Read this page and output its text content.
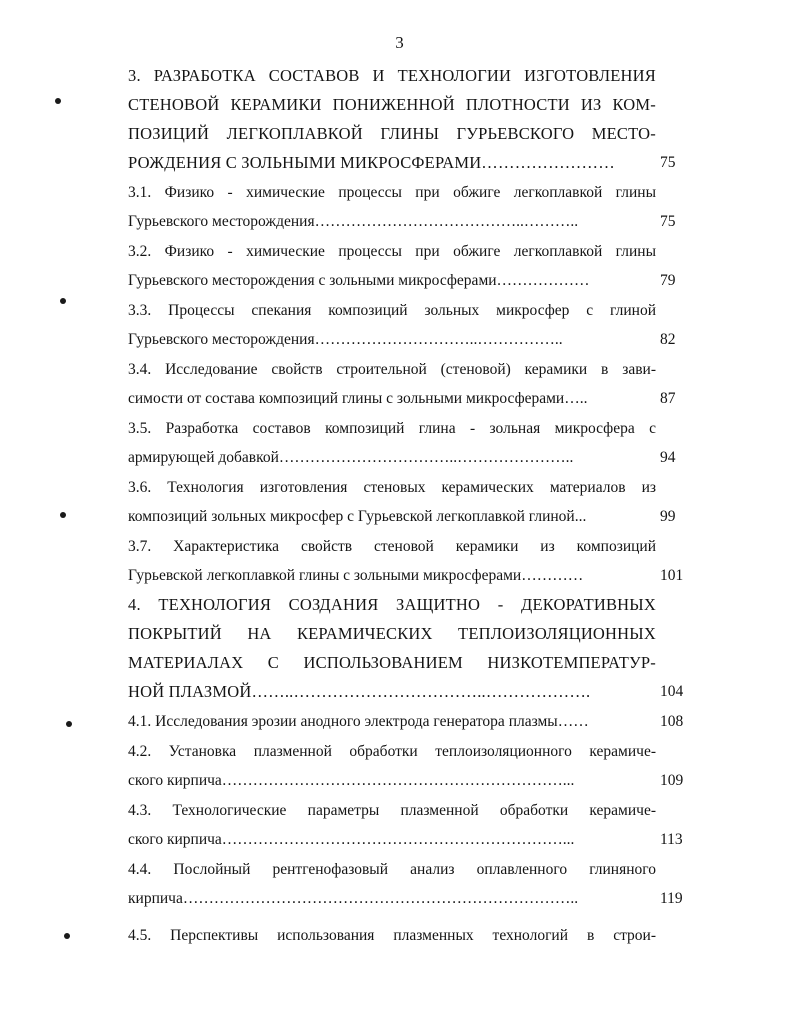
3
3. РАЗРАБОТКА СОСТАВОВ И ТЕХНОЛОГИИ ИЗГОТОВЛЕНИЯ
СТЕНОВОЙ КЕРАМИКИ ПОНИЖЕННОЙ ПЛОТНОСТИ ИЗ КОМ-
ПОЗИЦИЙ ЛЕГКОПЛАВКОЙ ГЛИНЫ ГУРЬЕВСКОГО МЕСТО-
РОЖДЕНИЯ С ЗОЛЬНЫМИ МИКРОСФЕРАМИ……………………	75
3.1. Физико - химические процессы при обжиге легкоплавкой глины
Гурьевского месторождения…………………………………..………..	75
3.2. Физико - химические процессы при обжиге легкоплавкой глины
Гурьевского месторождения с зольными микросферами………………	79
3.3. Процессы спекания композиций зольных микросфер с глиной
Гурьевского месторождения…………………………..……………..	82
3.4. Исследование свойств строительной (стеновой) керамики в зави-
симости от состава композиций глины с зольными микросферами…..	87
3.5. Разработка составов композиций глина - зольная микросфера с
армирующей добавкой……………………………..…………………..	94
3.6. Технология изготовления стеновых керамических материалов из
композиций зольных микросфер с Гурьевской легкоплавкой глиной...	99
3.7. Характеристика свойств стеновой керамики из композиций
Гурьевской легкоплавкой глины с зольными микросферами…………	101
4. ТЕХНОЛОГИЯ СОЗДАНИЯ ЗАЩИТНО - ДЕКОРАТИВНЫХ
ПОКРЫТИЙ НА КЕРАМИЧЕСКИХ ТЕПЛОИЗОЛЯЦИОННЫХ
МАТЕРИАЛАХ С ИСПОЛЬЗОВАНИЕМ НИЗКОТЕМПЕРАТУР-
НОЙ ПЛАЗМОЙ……..……………………………..……………….	104
4.1. Исследования эрозии анодного электрода генератора плазмы……	108
4.2. Установка плазменной обработки теплоизоляционного керамиче-
ского кирпича…………………………………………………………...	109
4.3. Технологические параметры плазменной обработки керамиче-
ского кирпича…………………………………………………………...	113
4.4. Послойный рентгенофазовый анализ оплавленного глиняного
кирпича…………………………………………………………………..	119
4.5. Перспективы использования плазменных технологий в строи-
